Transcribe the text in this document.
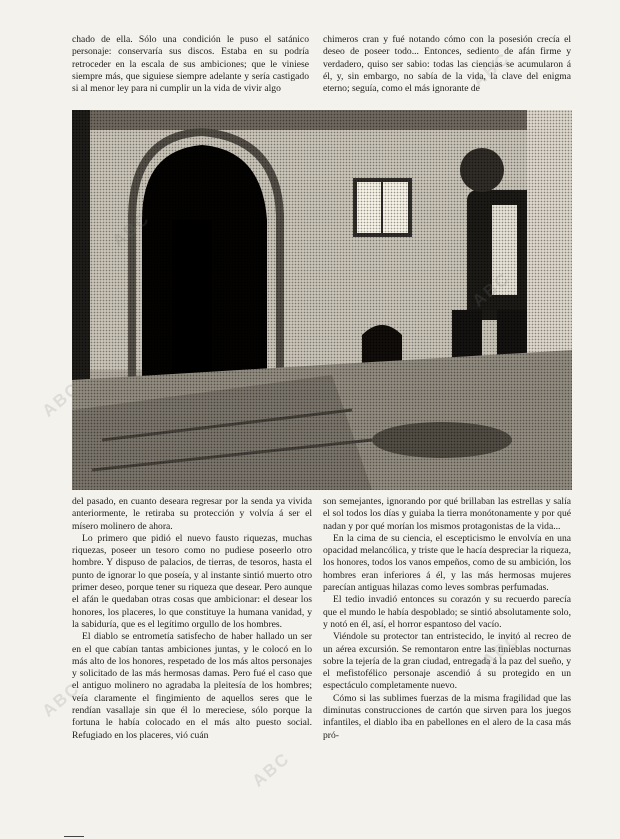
chado de ella. Sólo una condición le puso el satánico personaje: conservaría sus discos. Estaba en su podría retroceder en la escala de sus ambiciones; que le viniese siempre más, que siguiese siempre adelante y sería castigado si al menor ley para ni cumplir un la vida de vivir algo

chimeros cran y fué notando cómo con la posesión crecía el deseo de poseer todo... Entonces, sediento de afán firme y verdadero, quiso ser sabio: todas las ciencias se acumularon á él, y, sin embargo, no sabía de la vida, la clave del enigma eterno; seguía, como el más ignorante de

del pasado, en cuanto deseara regresar por la senda ya vivida anteriormente, le retiraba su protección y volvía á ser el mísero molinero de ahora.

Lo primero que pidió el nuevo fausto riquezas, muchas riquezas, poseer un tesoro como no pudiese poseerlo otro hombre. Y dispuso de palacios, de tierras, de tesoros, hasta el punto de ignorar lo que poseía, y al instante sintió muerto otro primer deseo, porque tener su riqueza que desear. Pero aunque el afán le quedaban otras cosas que ambicionar: el desear los honores, los placeres, lo que constituye la humana vanidad, y la sabiduría, que es el legítimo orgullo de los hombres.

El diablo se entrometía satisfecho de haber hallado un ser en el que cabían tantas ambiciones juntas, y le colocó en lo más alto de los honores, respetado de los más altos personajes y solicitado de las más hermosas damas. Pero fué el caso que el antiguo molinero no agradaba la pleitesía de los hombres; veía claramente el fingimiento de aquellos seres que le rendían vasallaje sin que él lo mereciese, sólo porque la fortuna le había colocado en el más alto puesto social. Refugiado en los placeres, vió cuán

son semejantes, ignorando por qué brillaban las estrellas y salía el sol todos los días y guiaba la tierra monótonamente y por qué nadan y por qué morían los mismos protagonistas de la vida...

En la cima de su ciencia, el escepticismo le envolvía en una opacidad melancólica, y triste que le hacía despreciar la riqueza, los honores, todos los vanos empeños, como de su ambición, los hombres eran inferiores á él, y las más hermosas mujeres parecían antiguas hilazas como leves sombras perfumadas.

El tedio invadió entonces su corazón y su recuerdo parecía que el mundo le había despoblado; se sintió absolutamente solo, y notó en él, así, el horror espantoso del vacío.

Viéndole su protector tan entristecido, le invitó al recreo de un aérea excursión. Se remontaron entre las tinieblas nocturnas sobre la tejería de la gran ciudad, entregada á la paz del sueño, y el mefistofélico personaje ascendió á su protegido en un espectáculo completamente nuevo.

Cómo si las sublimes fuerzas de la misma fragilidad que las diminutas construcciones de cartón que sirven para los juegos infantiles, el diablo iba en pabellones en el alero de la casa más pró-

ABC
ABC
ABC
ABC
ABC
